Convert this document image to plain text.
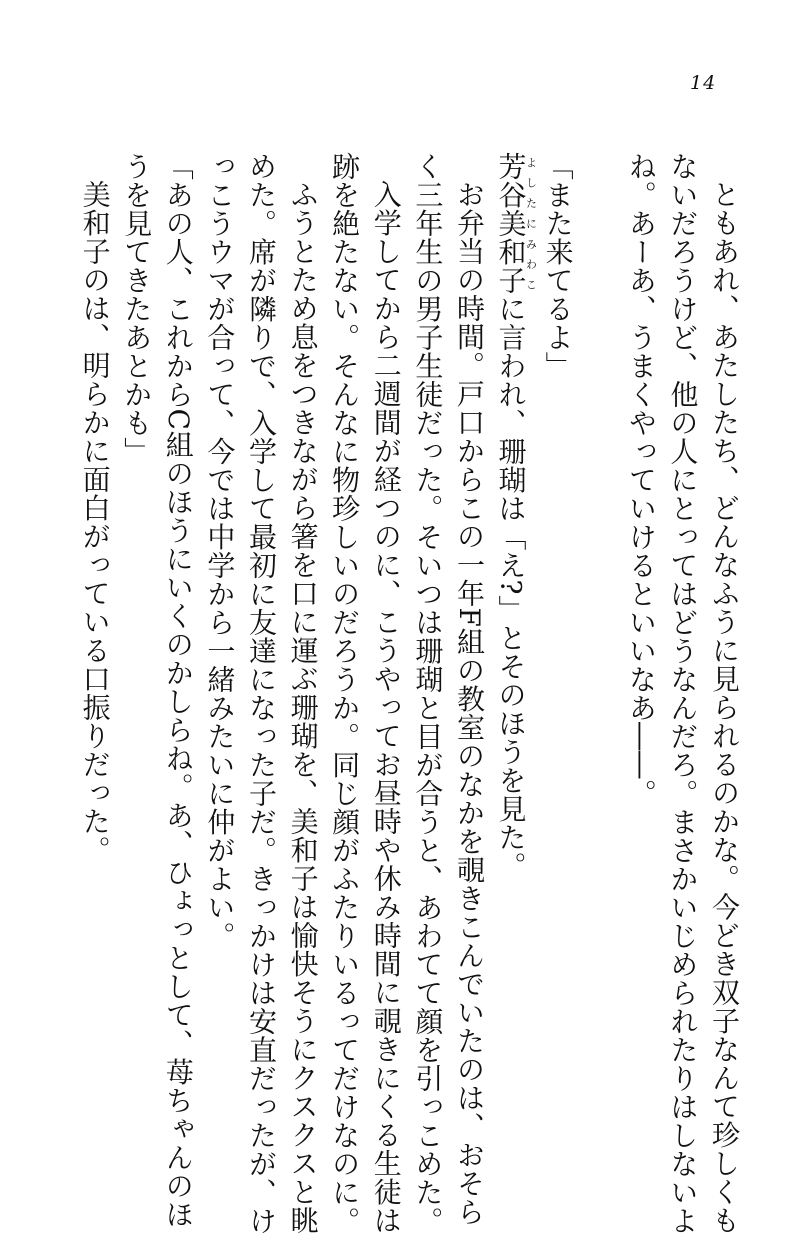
14
ともあれ、あたしたち、どんなふうに見られるのかな。今どき双子なんて珍しくも
ないだろうけど、他の人にとってはどうなんだろ。まさかいじめられたりはしないよ
ね。あーあ、うまくやっていけるといいなあ――。
「また来てるよ」
芳谷美和子よしたにみわこに言われ、珊瑚は「え?」とそのほうを見た。
お弁当の時間。戸口からこの一年F組の教室のなかを覗きこんでいたのは、おそら
く三年生の男子生徒だった。そいつは珊瑚と目が合うと、あわてて顔を引っこめた。
入学してから二週間が経つのに、こうやってお昼時や休み時間に覗きにくる生徒は
跡を絶たない。そんなに物珍しいのだろうか。同じ顔がふたりいるってだけなのに。
ふうとため息をつきながら箸を口に運ぶ珊瑚を、美和子は愉快そうにクスクスと眺
めた。席が隣りで、入学して最初に友達になった子だ。きっかけは安直だったが、け
っこうウマが合って、今では中学から一緒みたいに仲がよい。
「あの人、これからC組のほうにいくのかしらね。あ、ひょっとして、苺ちゃんのほ
うを見てきたあとかも」
美和子のは、明らかに面白がっている口振りだった。
